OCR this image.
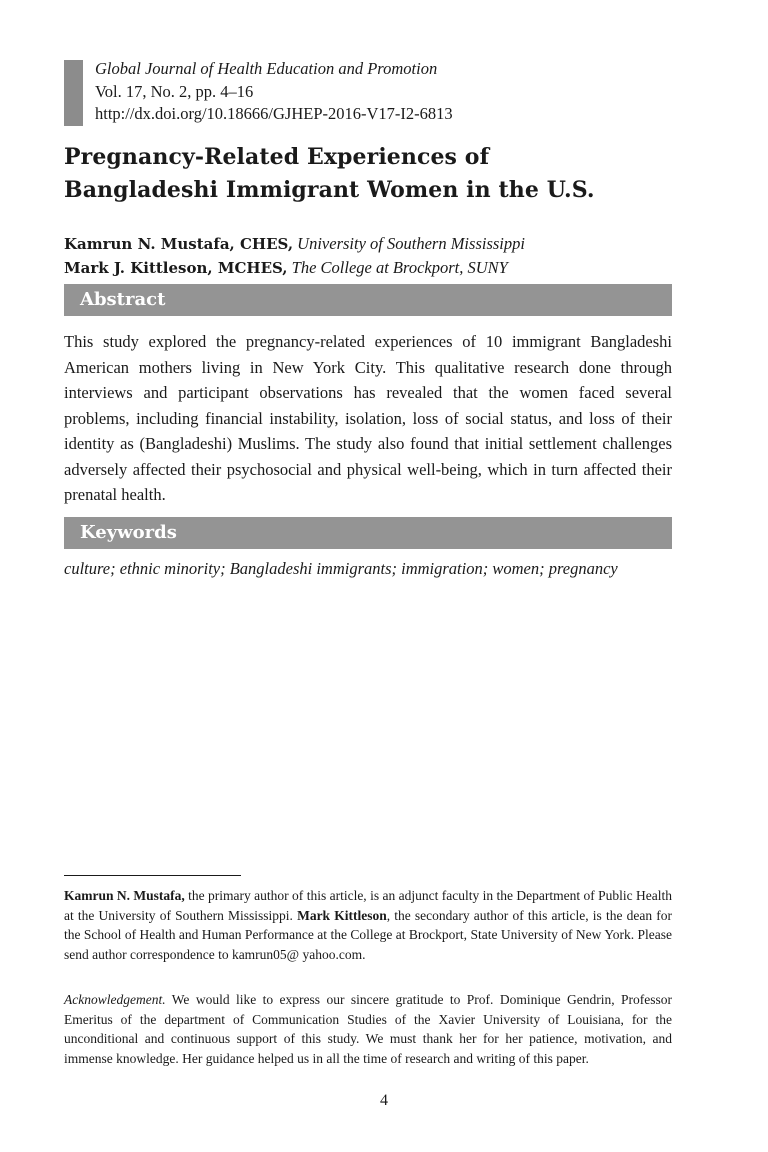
Global Journal of Health Education and Promotion
Vol. 17, No. 2, pp. 4–16
http://dx.doi.org/10.18666/GJHEP-2016-V17-I2-6813
Pregnancy-Related Experiences of
Bangladeshi Immigrant Women in the U.S.
Kamrun N. Mustafa, CHES, University of Southern Mississippi
Mark J. Kittleson, MCHES, The College at Brockport, SUNY
Abstract
This study explored the pregnancy-related experiences of 10 immigrant Bangladeshi American mothers living in New York City. This qualitative research done through interviews and participant observations has revealed that the women faced several problems, including financial instability, isolation, loss of social status, and loss of their identity as (Bangladeshi) Muslims. The study also found that initial settlement challenges adversely affected their psychosocial and physical well-being, which in turn affected their prenatal health.
Keywords
culture; ethnic minority; Bangladeshi immigrants; immigration; women; pregnancy
Kamrun N. Mustafa, the primary author of this article, is an adjunct faculty in the Department of Public Health at the University of Southern Mississippi. Mark Kittleson, the secondary author of this article, is the dean for the School of Health and Human Performance at the College at Brockport, State University of New York. Please send author correspondence to kamrun05@ yahoo.com.
Acknowledgement. We would like to express our sincere gratitude to Prof. Dominique Gendrin, Professor Emeritus of the department of Communication Studies of the Xavier University of Louisiana, for the unconditional and continuous support of this study. We must thank her for her patience, motivation, and immense knowledge. Her guidance helped us in all the time of research and writing of this paper.
4
